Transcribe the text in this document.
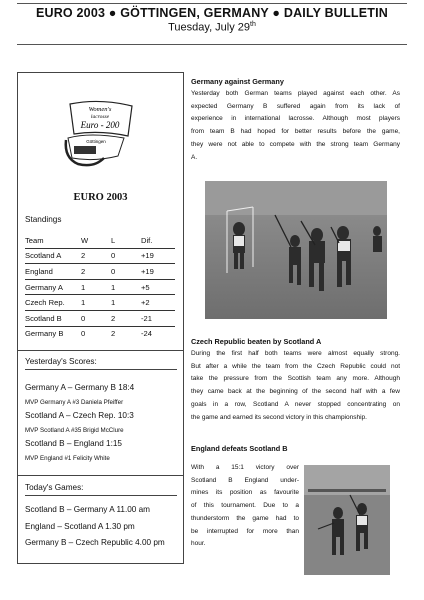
EURO 2003 ● GÖTTINGEN, GERMANY ● DAILY BULLETIN
Tuesday, July 29th
Women's
lacrosse
Euro - 200
Göttingen
EURO 2003
Standings
Team	W	L	Dif.
Scotland A	2	0	+19
England	2	0	+19
Germany A	1	1	+5
Czech Rep.	1	1	+2
Scotland B	0	2	-21
Germany B	0	2	-24
Yesterday's Scores:
Germany A – Germany B 18:4
MVP Germany A #3 Daniela Pfeiffer
Scotland A – Czech Rep. 10:3
MVP Scotland A #35 Brigid McClure
Scotland B – England 1:15
MVP England #1 Felicity White
Today's Games:
Scotland B – Germany A 11.00 am
England – Scotland A 1.30 pm
Germany B – Czech Republic 4.00 pm
Germany against Germany
Yesterday both German teams played against each other. As
expected Germany B suffered again from its lack of
experience in international lacrosse. Although most players
from team B had hoped for better results before the game,
they were not able to compete with the strong team Germany
A.
Czech Republic beaten by Scotland A
During the first half both teams were almost equally strong.
But after a while the team from the Czech Republic could not
take the pressure from the Scottish team any more. Although
they came back at the beginning of the second half with a few
goals in a row, Scotland A never stopped concentrating on
the game and earned its second victory in this championship.
England defeats Scotland B
With a 15:1 victory over
Scotland B England under-
mines its position as favourite
of this tournament. Due to a
thunderstorm the game had to
be interrupted for more than
hour.
